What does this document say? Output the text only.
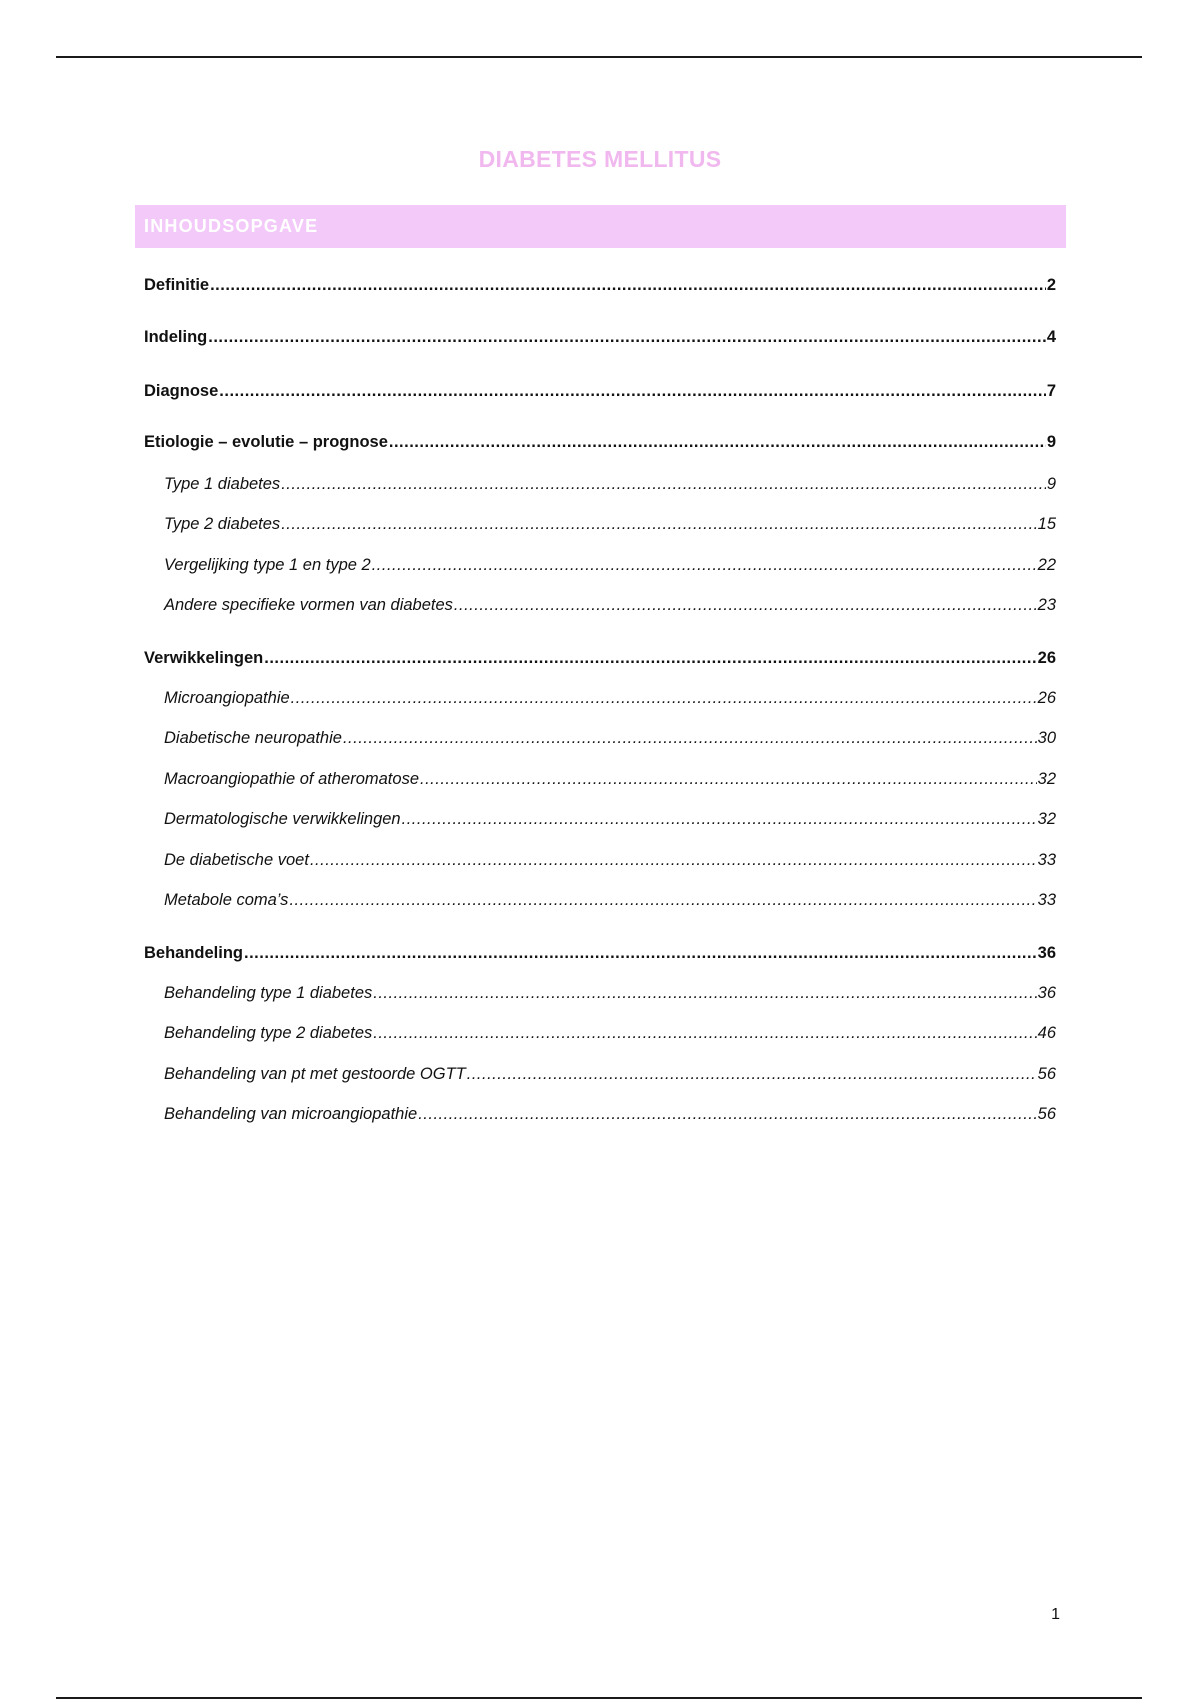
DIABETES MELLITUS
INHOUDSOPGAVE
Definitie .....	2
Indeling .....	4
Diagnose .....	7
Etiologie – evolutie – prognose .....	9
Type 1 diabetes .....	9
Type 2 diabetes .....	15
Vergelijking type 1 en type 2 .....	22
Andere specifieke vormen van diabetes .....	23
Verwikkelingen .....	26
Microangiopathie .....	26
Diabetische neuropathie .....	30
Macroangiopathie of atheromatose .....	32
Dermatologische verwikkelingen .....	32
De diabetische voet .....	33
Metabole coma’s .....	33
Behandeling .....	36
Behandeling type 1 diabetes .....	36
Behandeling type 2 diabetes .....	46
Behandeling van pt met gestoorde OGTT .....	56
Behandeling van microangiopathie .....	56
1
